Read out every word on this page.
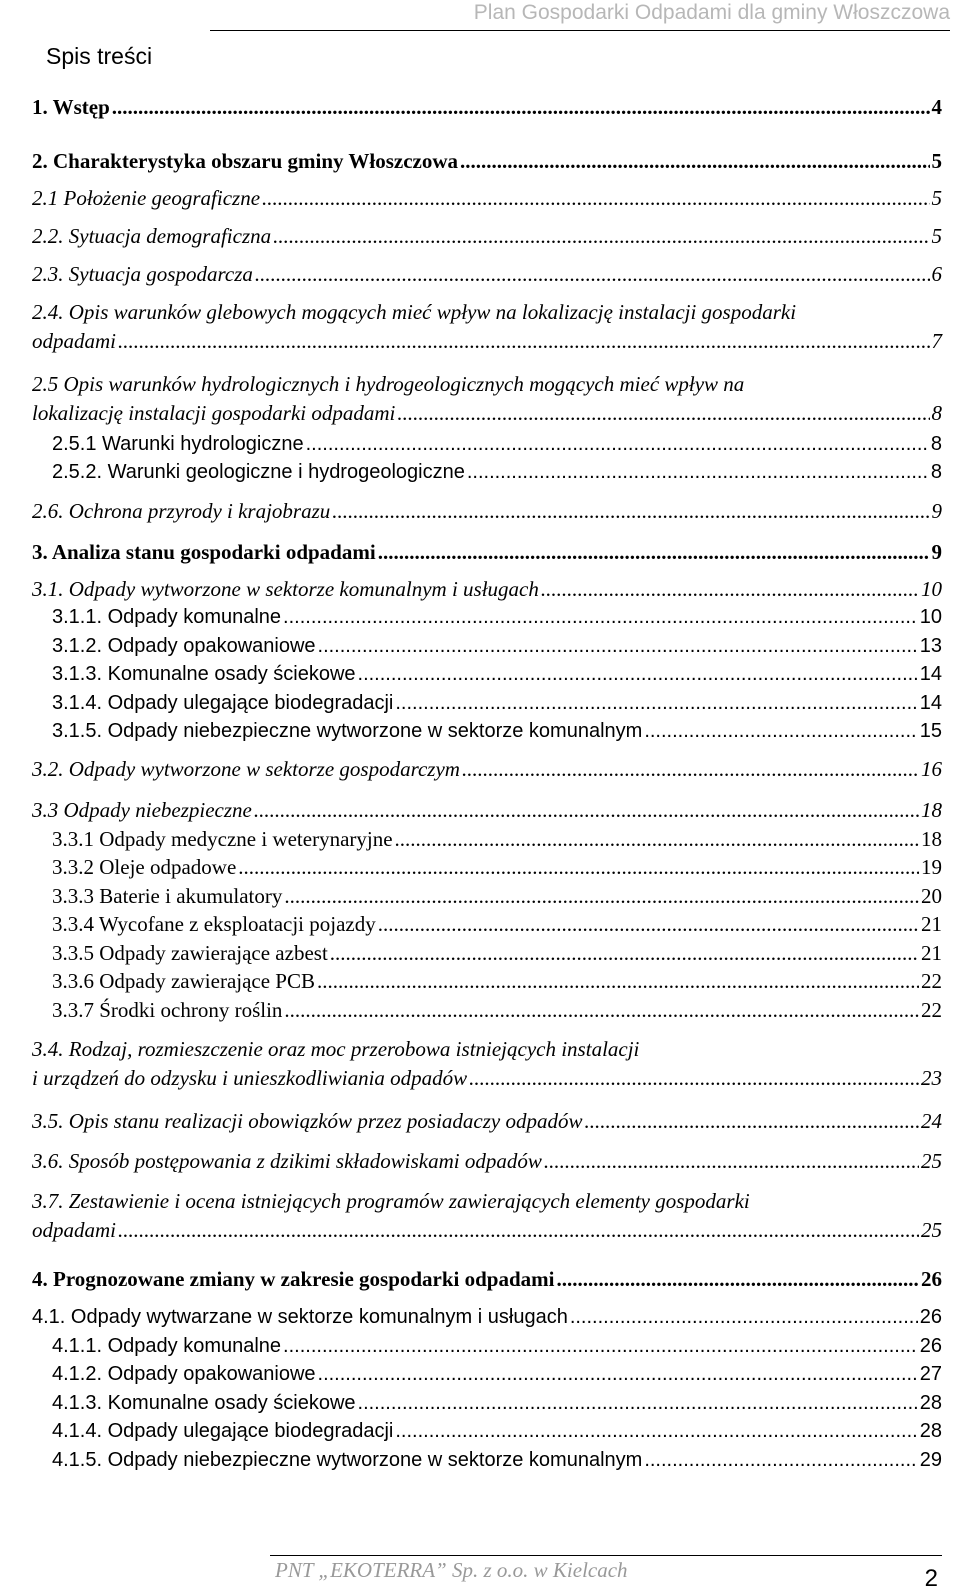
Plan Gospodarki Odpadami dla gminy Włoszczowa
Spis treści
1. Wstęp .....	4
2. Charakterystyka obszaru gminy Włoszczowa .....	5
2.1 Położenie geograficzne .....	5
2.2. Sytuacja demograficzna .....	5
2.3. Sytuacja gospodarcza .....	6
2.4. Opis warunków glebowych mogących mieć wpływ na lokalizację instalacji gospodarki
odpadami .....	7
2.5 Opis warunków hydrologicznych i hydrogeologicznych mogących mieć wpływ na
lokalizację instalacji gospodarki odpadami .....	8
2.5.1 Warunki hydrologiczne .....	8
2.5.2. Warunki geologiczne i hydrogeologiczne .....	8
2.6. Ochrona przyrody i krajobrazu .....	9
3. Analiza stanu gospodarki odpadami .....	9
3.1. Odpady wytworzone w sektorze komunalnym i usługach .....	10
3.1.1. Odpady komunalne .....	10
3.1.2. Odpady opakowaniowe .....	13
3.1.3. Komunalne osady ściekowe .....	14
3.1.4. Odpady ulegające biodegradacji .....	14
3.1.5. Odpady niebezpieczne wytworzone w sektorze komunalnym .....	15
3.2. Odpady wytworzone w sektorze gospodarczym .....	16
3.3 Odpady niebezpieczne .....	18
3.3.1 Odpady medyczne i weterynaryjne .....	18
3.3.2 Oleje odpadowe .....	19
3.3.3 Baterie i akumulatory .....	20
3.3.4 Wycofane z eksploatacji pojazdy .....	21
3.3.5 Odpady zawierające azbest .....	21
3.3.6 Odpady zawierające PCB .....	22
3.3.7 Środki ochrony roślin .....	22
3.4. Rodzaj, rozmieszczenie oraz moc przerobowa istniejących instalacji
i urządzeń do odzysku i unieszkodliwiania odpadów .....	23
3.5. Opis stanu realizacji obowiązków przez posiadaczy odpadów .....	24
3.6. Sposób postępowania z dzikimi składowiskami odpadów .....	25
3.7. Zestawienie i ocena istniejących programów zawierających elementy gospodarki
odpadami .....	25
4. Prognozowane zmiany w zakresie gospodarki odpadami .....	26
4.1. Odpady wytwarzane w sektorze komunalnym i usługach .....	26
4.1.1. Odpady komunalne .....	26
4.1.2. Odpady opakowaniowe .....	27
4.1.3. Komunalne osady ściekowe .....	28
4.1.4. Odpady ulegające biodegradacji .....	28
4.1.5. Odpady niebezpieczne wytworzone w sektorze komunalnym .....	29
PNT „EKOTERRA” Sp. z o.o. w Kielcach	2
